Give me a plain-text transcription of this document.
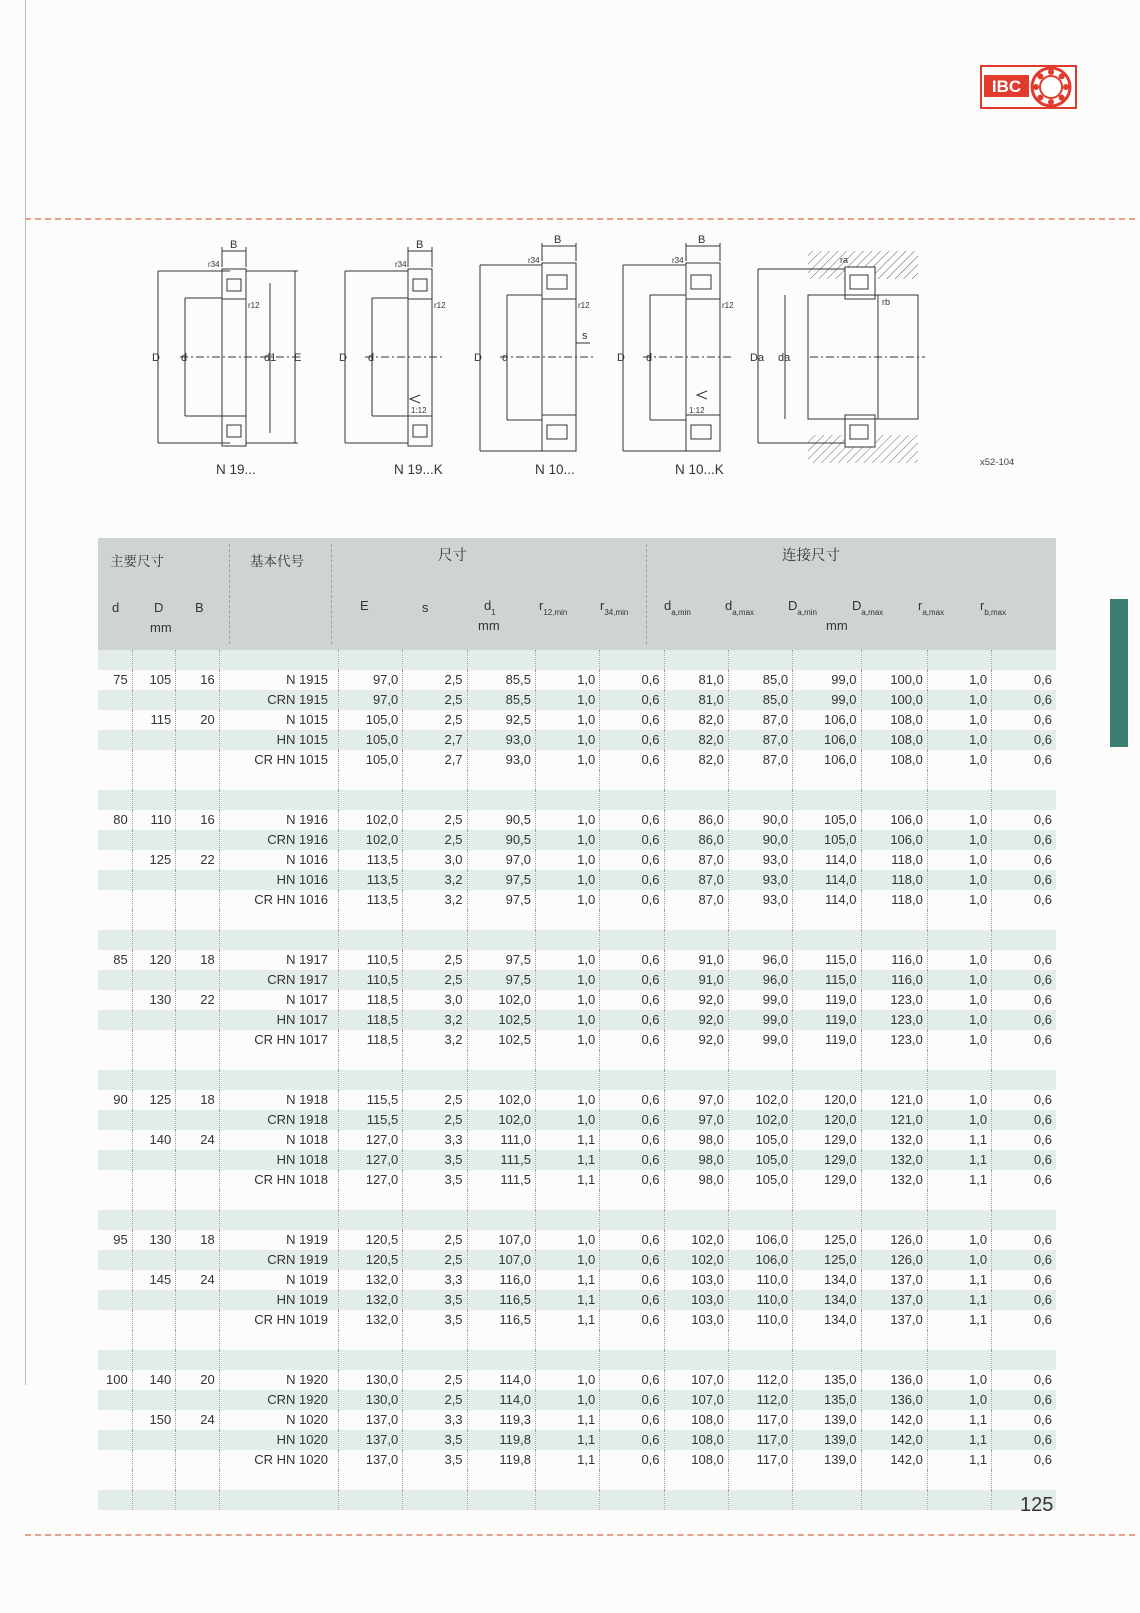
IBC
B
r34
r12
D d	d1 E
B
r34
r12
D d
1:12
B
r34
r12
s
D d
B
r34
r12
D d
1:12
ra
rb
Da da
N 19...	N 19...K	N 10...	N 10...K	x52-104
主要尺寸	基本代号	尺寸	连接尺寸
d	D B
mm
E	s	$d_1$
mm
$r_{12,min}$	$r_{34,min}$	$d_{a,min}$	$d_{a,max}$	$D_{a,min}$	$D_{a,max}$
mm
$r_{a,max}$	$r_{b,max}$

75	105	16	N 1915	97,0	2,5	85,5	1,0	0,6	81,0	85,0	99,0	100,0	1,0	0,6
			CRN 1915	97,0	2,5	85,5	1,0	0,6	81,0	85,0	99,0	100,0	1,0	0,6
	115	20	N 1015	105,0	2,5	92,5	1,0	0,6	82,0	87,0	106,0	108,0	1,0	0,6
			HN 1015	105,0	2,7	93,0	1,0	0,6	82,0	87,0	106,0	108,0	1,0	0,6
			CR HN 1015	105,0	2,7	93,0	1,0	0,6	82,0	87,0	106,0	108,0	1,0	0,6

80	110	16	N 1916	102,0	2,5	90,5	1,0	0,6	86,0	90,0	105,0	106,0	1,0	0,6
			CRN 1916	102,0	2,5	90,5	1,0	0,6	86,0	90,0	105,0	106,0	1,0	0,6
	125	22	N 1016	113,5	3,0	97,0	1,0	0,6	87,0	93,0	114,0	118,0	1,0	0,6
			HN 1016	113,5	3,2	97,5	1,0	0,6	87,0	93,0	114,0	118,0	1,0	0,6
			CR HN 1016	113,5	3,2	97,5	1,0	0,6	87,0	93,0	114,0	118,0	1,0	0,6

85	120	18	N 1917	110,5	2,5	97,5	1,0	0,6	91,0	96,0	115,0	116,0	1,0	0,6
			CRN 1917	110,5	2,5	97,5	1,0	0,6	91,0	96,0	115,0	116,0	1,0	0,6
	130	22	N 1017	118,5	3,0	102,0	1,0	0,6	92,0	99,0	119,0	123,0	1,0	0,6
			HN 1017	118,5	3,2	102,5	1,0	0,6	92,0	99,0	119,0	123,0	1,0	0,6
			CR HN 1017	118,5	3,2	102,5	1,0	0,6	92,0	99,0	119,0	123,0	1,0	0,6

90	125	18	N 1918	115,5	2,5	102,0	1,0	0,6	97,0	102,0	120,0	121,0	1,0	0,6
			CRN 1918	115,5	2,5	102,0	1,0	0,6	97,0	102,0	120,0	121,0	1,0	0,6
	140	24	N 1018	127,0	3,3	111,0	1,1	0,6	98,0	105,0	129,0	132,0	1,1	0,6
			HN 1018	127,0	3,5	111,5	1,1	0,6	98,0	105,0	129,0	132,0	1,1	0,6
			CR HN 1018	127,0	3,5	111,5	1,1	0,6	98,0	105,0	129,0	132,0	1,1	0,6

95	130	18	N 1919	120,5	2,5	107,0	1,0	0,6	102,0	106,0	125,0	126,0	1,0	0,6
			CRN 1919	120,5	2,5	107,0	1,0	0,6	102,0	106,0	125,0	126,0	1,0	0,6
	145	24	N 1019	132,0	3,3	116,0	1,1	0,6	103,0	110,0	134,0	137,0	1,1	0,6
			HN 1019	132,0	3,5	116,5	1,1	0,6	103,0	110,0	134,0	137,0	1,1	0,6
			CR HN 1019	132,0	3,5	116,5	1,1	0,6	103,0	110,0	134,0	137,0	1,1	0,6

100	140	20	N 1920	130,0	2,5	114,0	1,0	0,6	107,0	112,0	135,0	136,0	1,0	0,6
			CRN 1920	130,0	2,5	114,0	1,0	0,6	107,0	112,0	135,0	136,0	1,0	0,6
	150	24	N 1020	137,0	3,3	119,3	1,1	0,6	108,0	117,0	139,0	142,0	1,1	0,6
			HN 1020	137,0	3,5	119,8	1,1	0,6	108,0	117,0	139,0	142,0	1,1	0,6
			CR HN 1020	137,0	3,5	119,8	1,1	0,6	108,0	117,0	139,0	142,0	1,1	0,6

125
